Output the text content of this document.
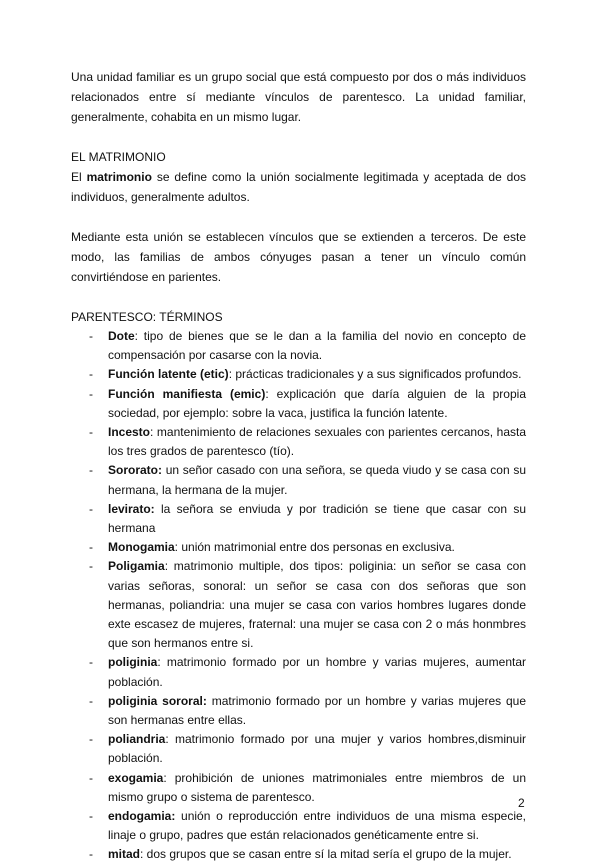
Una unidad familiar es un grupo social que está compuesto por dos o más individuos relacionados entre sí mediante vínculos de parentesco. La unidad familiar, generalmente, cohabita en un mismo lugar.

EL MATRIMONIO

El matrimonio se define como la unión socialmente legitimada y aceptada de dos individuos, generalmente adultos.

Mediante esta unión se establecen vínculos que se extienden a terceros. De este modo, las familias de ambos cónyuges pasan a tener un vínculo común convirtiéndose en parientes.

PARENTESCO: TÉRMINOS
- Dote: tipo de bienes que se le dan a la familia del novio en concepto de compensación por casarse con la novia.
- Función latente (etic): prácticas tradicionales y a sus significados profundos.
- Función manifiesta (emic): explicación que daría alguien de la propia sociedad, por ejemplo: sobre la vaca, justifica la función latente.
- Incesto: mantenimiento de relaciones sexuales con parientes cercanos, hasta los tres grados de parentesco (tío).
- Sororato: un señor casado con una señora, se queda viudo y se casa con su hermana, la hermana de la mujer.
- levirato: la señora se enviuda y por tradición se tiene que casar con su hermana
- Monogamia: unión matrimonial entre dos personas en exclusiva.
- Poligamia: matrimonio multiple, dos tipos: poliginia: un señor se casa con varias señoras, sonoral: un señor se casa con dos señoras que son hermanas, poliandria: una mujer se casa con varios hombres lugares donde exte escasez de mujeres, fraternal: una mujer se casa con 2 o más honmbres que son hermanos entre si.
- poliginia: matrimonio formado por un hombre y varias mujeres, aumentar población.
- poliginia sororal: matrimonio formado por un hombre y varias mujeres que son hermanas entre ellas.
- poliandria: matrimonio formado por una mujer y varios hombres,disminuir población.
- exogamia: prohibición de uniones matrimoniales entre miembros de un mismo grupo o sistema de parentesco.
- endogamia: unión o reproducción entre individuos de una misma especie, linaje o grupo, padres que están relacionados genéticamente entre si.
- mitad: dos grupos que se casan entre sí la mitad sería el grupo de la mujer.
2
